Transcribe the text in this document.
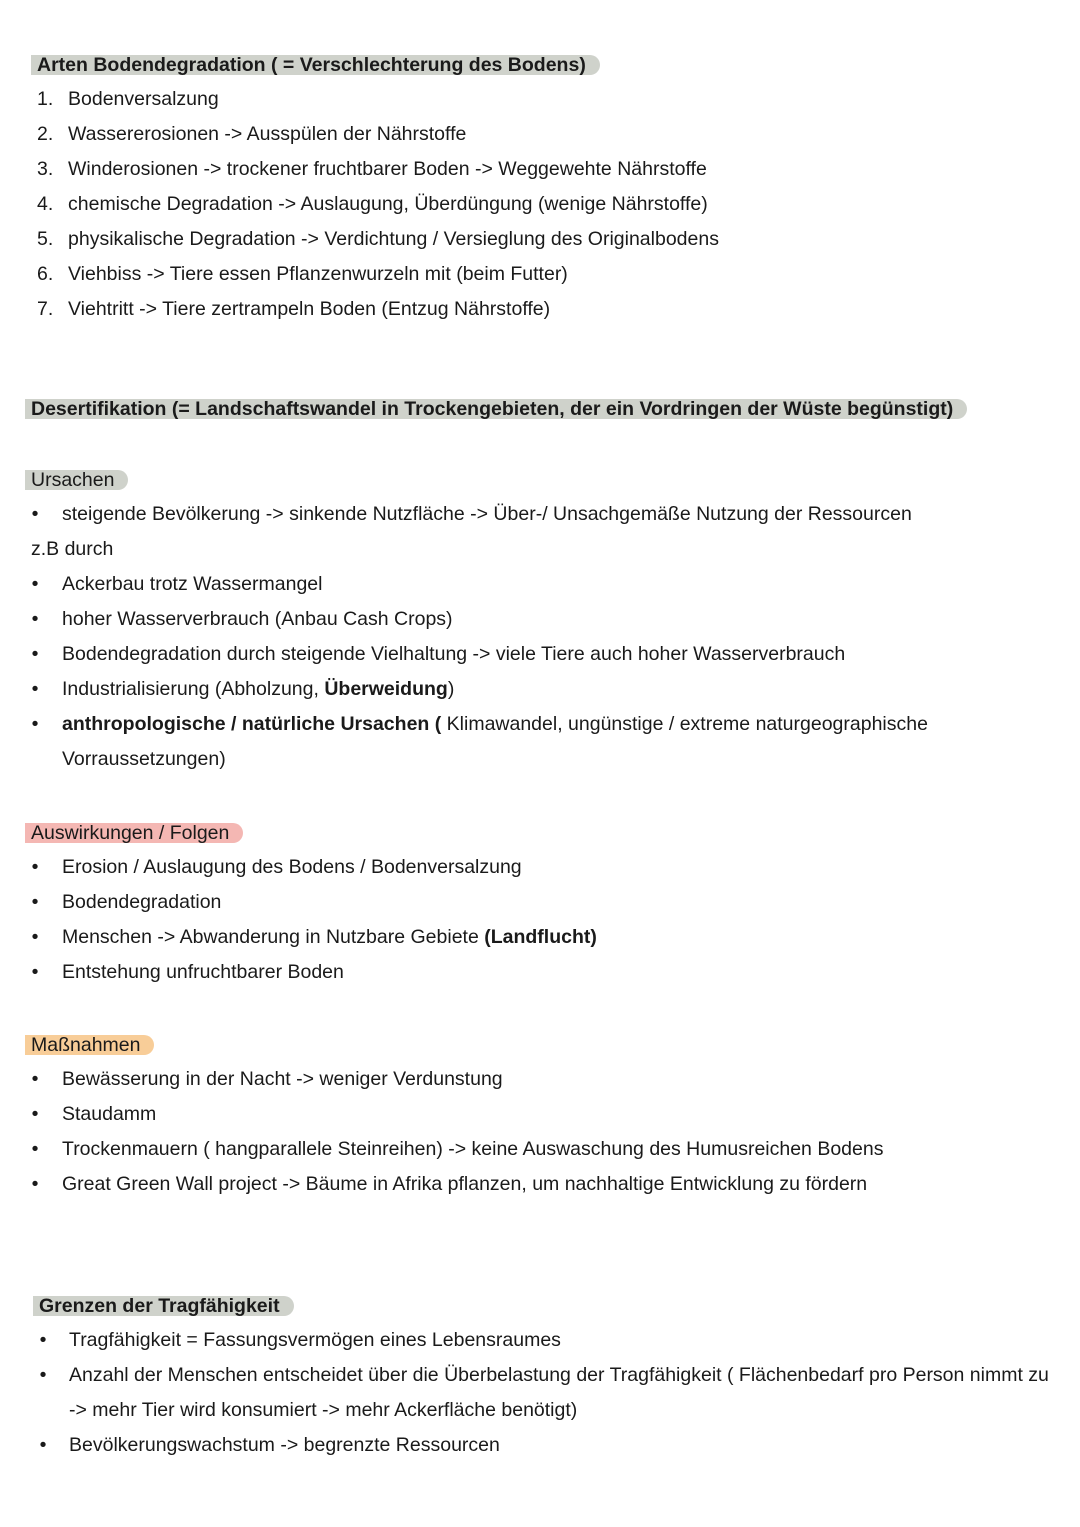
Arten Bodendegradation ( = Verschlechterung des Bodens)
1. Bodenversalzung
2. Wassererosionen -> Ausspülen der Nährstoffe
3. Winderosionen -> trockener fruchtbarer Boden -> Weggewehte Nährstoffe
4. chemische Degradation -> Auslaugung, Überdüngung (wenige Nährstoffe)
5. physikalische Degradation -> Verdichtung / Versieglung des Originalbodens
6. Viehbiss -> Tiere essen Pflanzenwurzeln mit (beim Futter)
7. Viehtritt -> Tiere zertrampeln Boden (Entzug Nährstoffe)
Desertifikation (= Landschaftswandel in Trockengebieten, der ein Vordringen der Wüste begünstigt)
Ursachen
•	steigende Bevölkerung -> sinkende Nutzfläche -> Über-/ Unsachgemäße Nutzung der Ressourcen
z.B durch
•	Ackerbau trotz Wassermangel
•	hoher Wasserverbrauch (Anbau Cash Crops)
•	Bodendegradation durch steigende Vielhaltung -> viele Tiere auch hoher Wasserverbrauch
•	Industrialisierung (Abholzung, Überweidung)
•	anthropologische / natürliche Ursachen ( Klimawandel, ungünstige / extreme naturgeographische Vorraussetzungen)
Auswirkungen / Folgen
•	Erosion / Auslaugung des Bodens / Bodenversalzung
•	Bodendegradation
•	Menschen -> Abwanderung in Nutzbare Gebiete (Landflucht)
•	Entstehung unfruchtbarer Boden
Maßnahmen
•	Bewässerung in der Nacht -> weniger Verdunstung
•	Staudamm
•	Trockenmauern ( hangparallele Steinreihen) -> keine Auswaschung des Humusreichen Bodens
•	Great Green Wall project -> Bäume in Afrika pflanzen, um nachhaltige Entwicklung zu fördern
Grenzen der Tragfähigkeit
•	Tragfähigkeit = Fassungsvermögen eines Lebensraumes
•	Anzahl der Menschen entscheidet über die Überbelastung der Tragfähigkeit ( Flächenbedarf pro Person nimmt zu -> mehr Tier wird konsumiert -> mehr Ackerfläche benötigt)
•	Bevölkerungswachstum -> begrenzte Ressourcen
